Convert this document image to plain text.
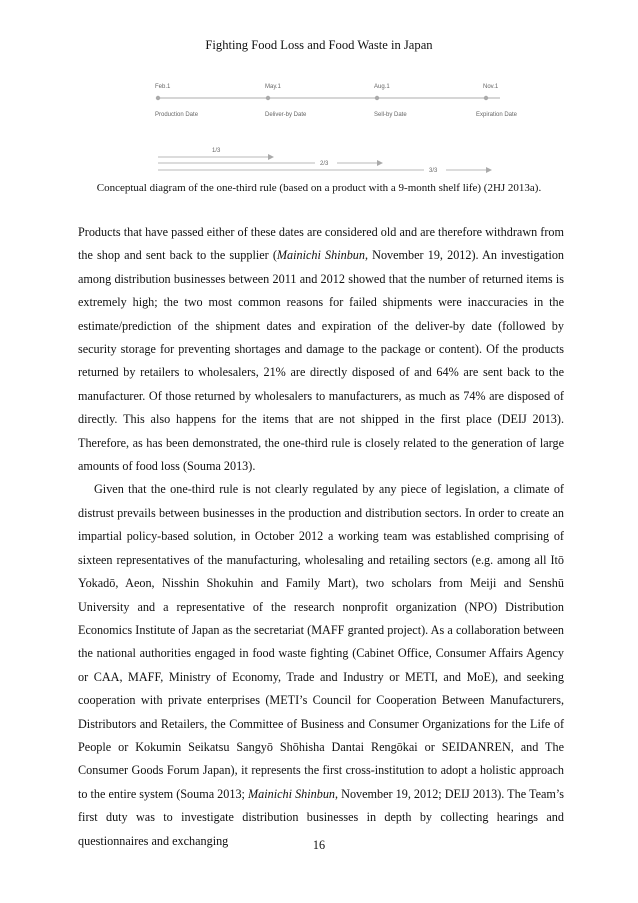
Fighting Food Loss and Food Waste in Japan
Feb.1	May.1	Aug.1	Nov.1
Production Date	Deliver-by Date	Sell-by Date	Expiration Date
1/3
2/3
3/3
Conceptual diagram of the one-third rule (based on a product with a 9-month shelf life) (2HJ 2013a).

Products that have passed either of these dates are considered old and are therefore withdrawn from the shop and sent back to the supplier (Mainichi Shinbun, November 19, 2012). An investigation among distribution businesses between 2011 and 2012 showed that the number of returned items is extremely high; the two most common reasons for failed shipments were inaccuracies in the estimate/prediction of the shipment dates and expiration of the deliver-by date (followed by security storage for preventing shortages and damage to the package or content). Of the products returned by retailers to wholesalers, 21% are directly disposed of and 64% are sent back to the manufacturer. Of those returned by wholesalers to manufacturers, as much as 74% are disposed of directly. This also happens for the items that are not shipped in the first place (DEIJ 2013). Therefore, as has been demonstrated, the one-third rule is closely related to the generation of large amounts of food loss (Souma 2013).

Given that the one-third rule is not clearly regulated by any piece of legislation, a climate of distrust prevails between businesses in the production and distribution sectors. In order to create an impartial policy-based solution, in October 2012 a working team was established comprising of sixteen representatives of the manufacturing, wholesaling and retailing sectors (e.g. among all Itō Yokadō, Aeon, Nisshin Shokuhin and Family Mart), two scholars from Meiji and Senshū University and a representative of the research nonprofit organization (NPO) Distribution Economics Institute of Japan as the secretariat (MAFF granted project). As a collaboration between the national authorities engaged in food waste fighting (Cabinet Office, Consumer Affairs Agency or CAA, MAFF, Ministry of Economy, Trade and Industry or METI, and MoE), and seeking cooperation with private enterprises (METI’s Council for Cooperation Between Manufacturers, Distributors and Retailers, the Committee of Business and Consumer Organizations for the Life of People or Kokumin Seikatsu Sangyō Shōhisha Dantai Rengōkai or SEIDANREN, and The Consumer Goods Forum Japan), it represents the first cross-institution to adopt a holistic approach to the entire system (Souma 2013; Mainichi Shinbun, November 19, 2012; DEIJ 2013). The Team’s first duty was to investigate distribution businesses in depth by collecting hearings and questionnaires and exchanging	16
